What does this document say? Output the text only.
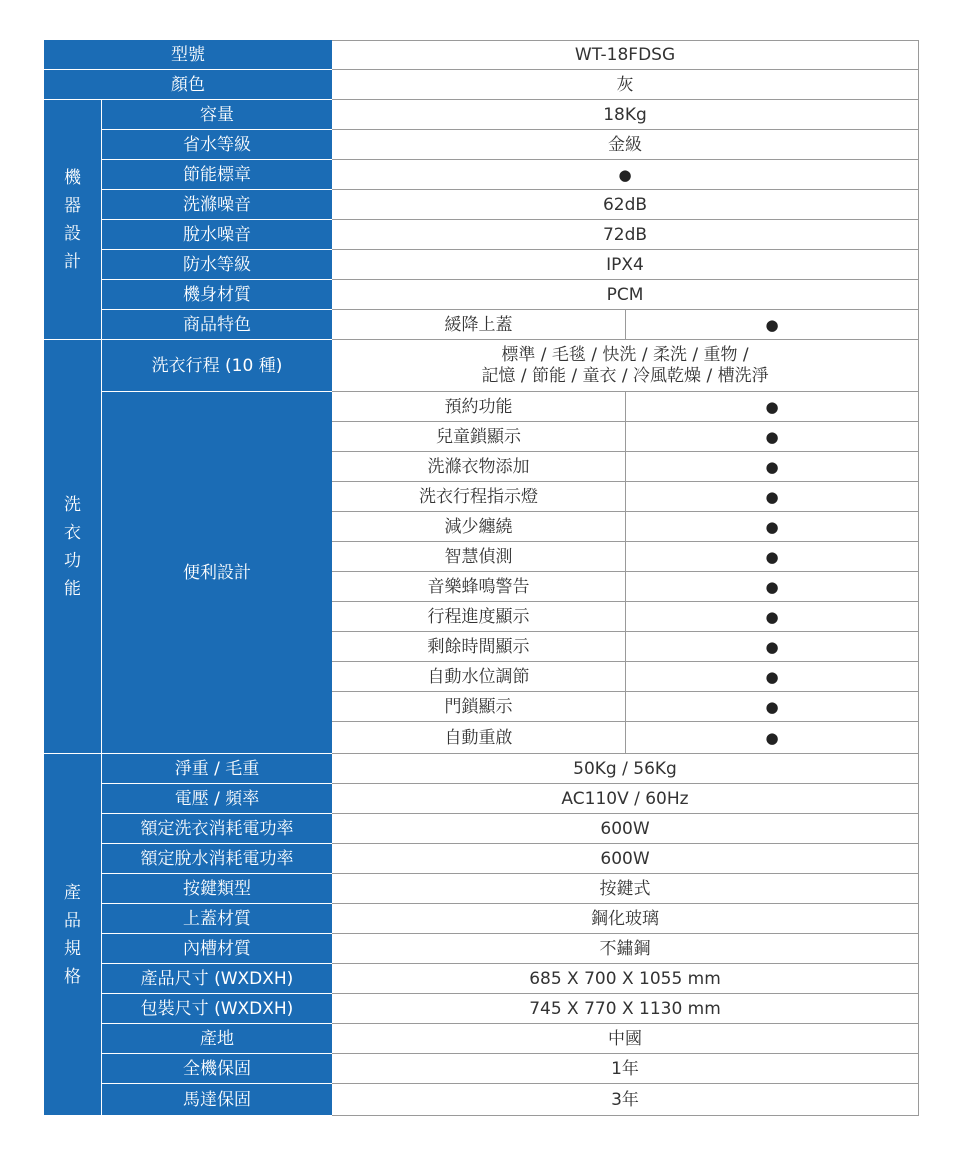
型號		WT-18FDSG	
顏色		灰	

機器設計	容量	18Kg	
	省水等級	金級	
	節能標章	●	
	洗滌噪音	62dB	
	脫水噪音	72dB	
	防水等級	IPX4	
	機身材質	PCM	
	商品特色	緩降上蓋	●

洗衣功能	洗衣行程 (10 種)	標準 / 毛毯 / 快洗 / 柔洗 / 重物 /
記憶 / 節能 / 童衣 / 冷風乾燥 / 槽洗淨	

	便利設計	預約功能	●
		兒童鎖顯示	●
		洗滌衣物添加	●
		洗衣行程指示燈	●
		減少纏繞	●
		智慧偵測	●
		音樂蜂鳴警告	●
		行程進度顯示	●
		剩餘時間顯示	●
		自動水位調節	●
		門鎖顯示	●
		自動重啟	●

產品規格	淨重 / 毛重	50Kg / 56Kg	
	電壓 / 頻率	AC110V / 60Hz	
	額定洗衣消耗電功率	600W	
	額定脫水消耗電功率	600W	
	按鍵類型	按鍵式	
	上蓋材質	鋼化玻璃	
	內槽材質	不鏽鋼	
	產品尺寸 (WXDXH)	685 X 700 X 1055 mm	
	包裝尺寸 (WXDXH)	745 X 770 X 1130 mm	
	產地	中國	
	全機保固	1年	
	馬達保固	3年	
